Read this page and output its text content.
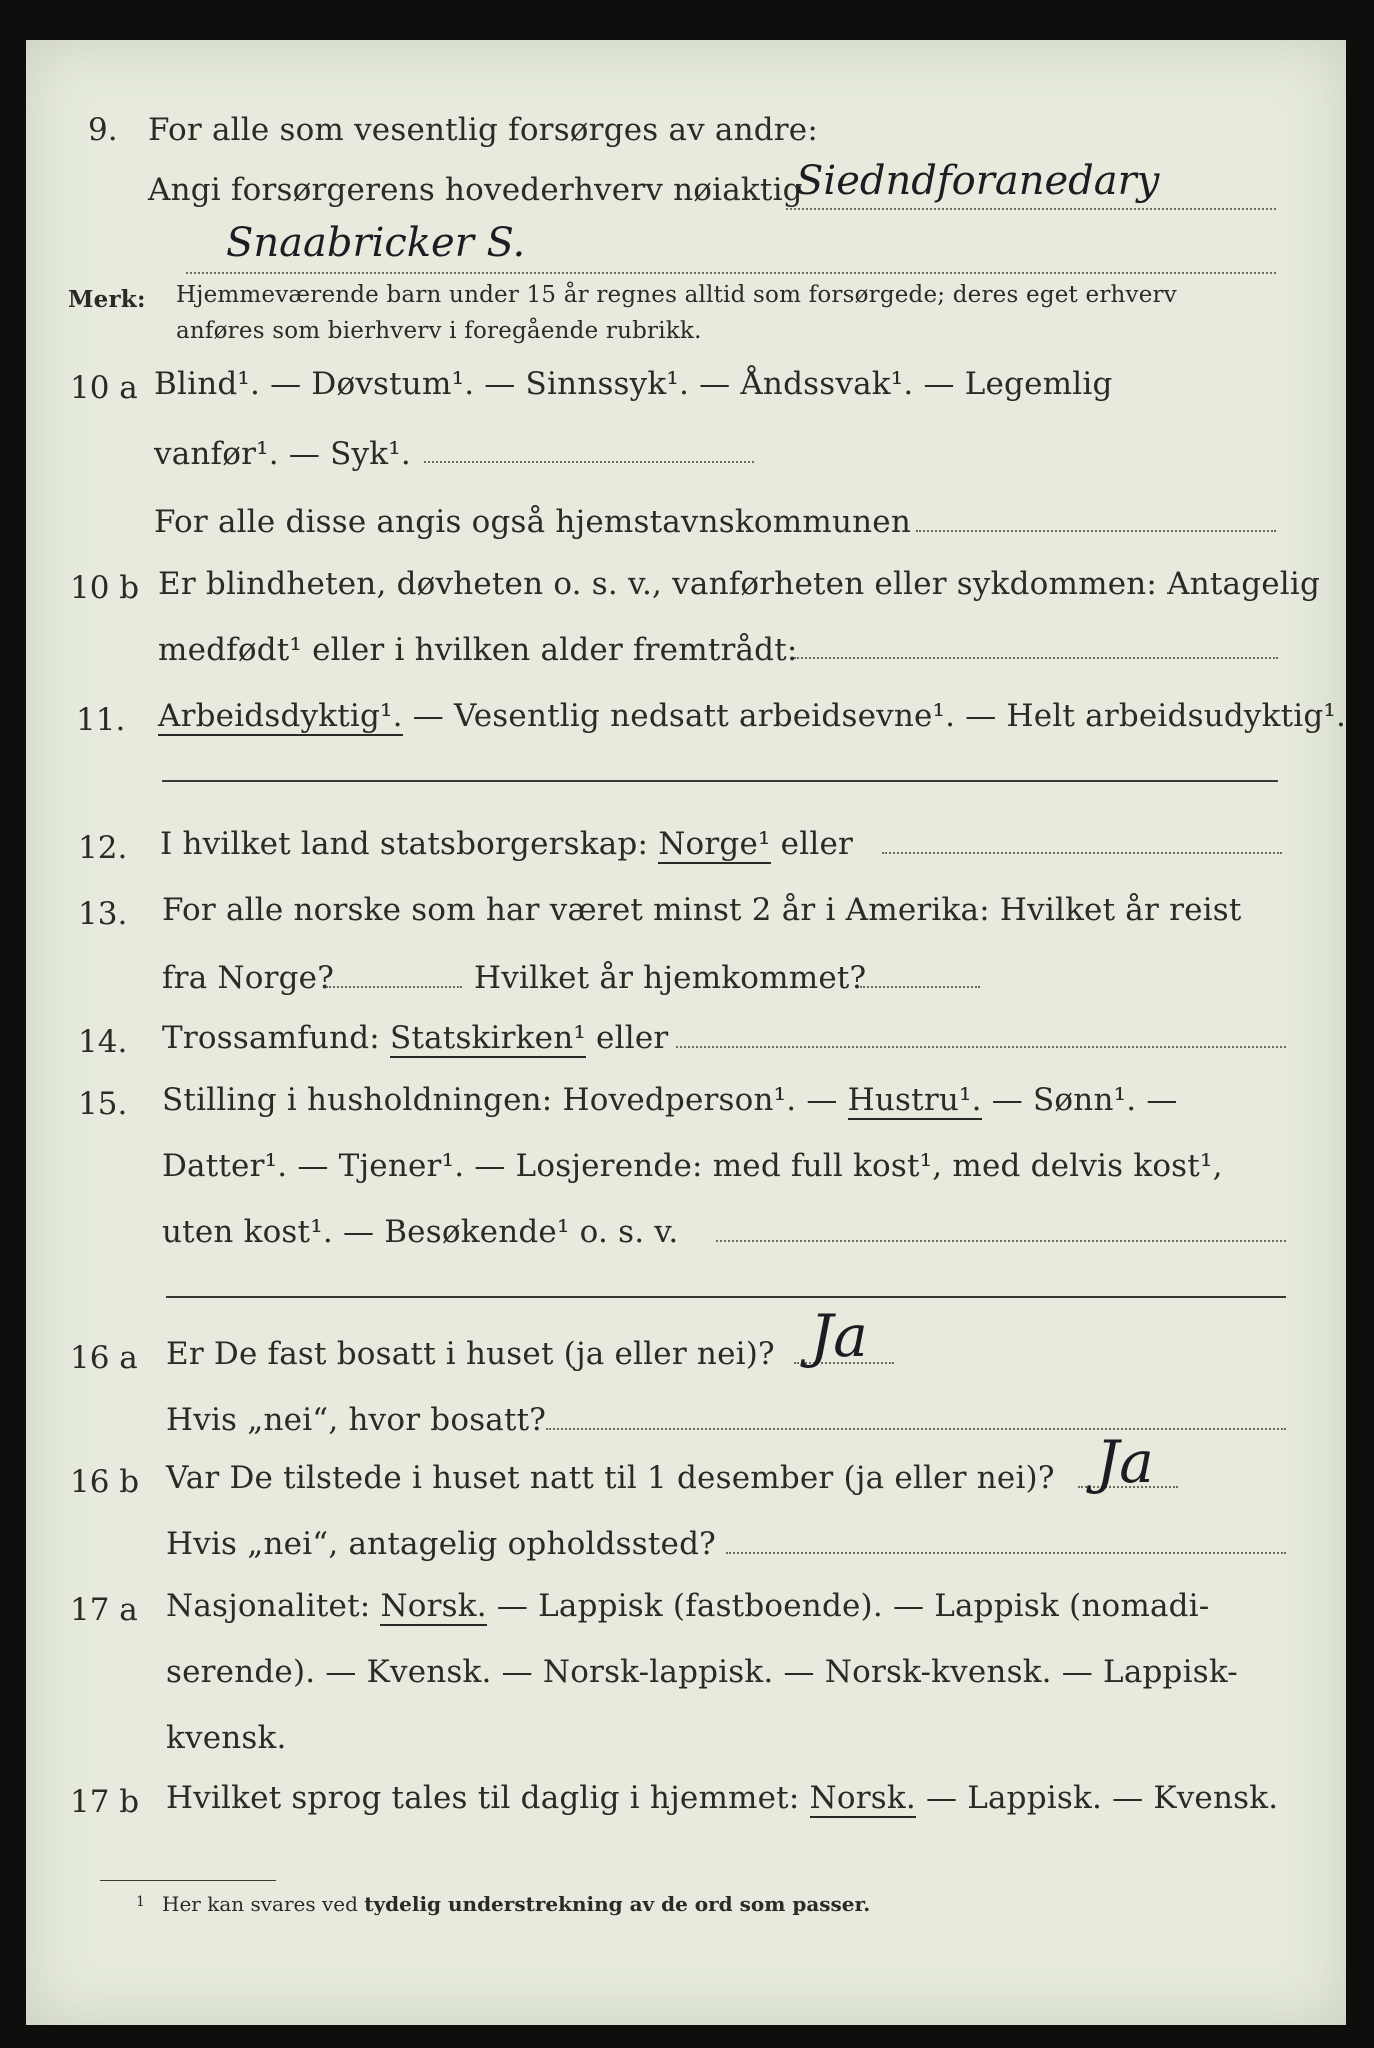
9. For alle som vesentlig forsørges av andre:
Angi forsørgerens hovederhverv nøiaktig
Siedndforanedary
Snaabricker S.
Merk: Hjemmeværende barn under 15 år regnes alltid som forsørgede; deres eget erhverv
anføres som bierhverv i foregående rubrikk.
10 a Blind¹. — Døvstum¹. — Sinnssyk¹. — Åndssvak¹. — Legemlig
vanfør¹. — Syk¹.
For alle disse angis også hjemstavnskommunen
10 b Er blindheten, døvheten o. s. v., vanførheten eller sykdommen: Antagelig
medfødt¹ eller i hvilken alder fremtrådt:
11. Arbeidsdyktig¹. — Vesentlig nedsatt arbeidsevne¹. — Helt arbeidsudyktig¹.
12. I hvilket land statsborgerskap: Norge¹ eller
13. For alle norske som har været minst 2 år i Amerika: Hvilket år reist
fra Norge?	Hvilket år hjemkommet?
14. Trossamfund: Statskirken¹ eller
15. Stilling i husholdningen: Hovedperson¹. — Hustru¹. — Sønn¹. —
Datter¹. — Tjener¹. — Losjerende: med full kost¹, med delvis kost¹,
uten kost¹. — Besøkende¹ o. s. v.
16 a Er De fast bosatt i huset (ja eller nei)? Ja
Hvis „nei“, hvor bosatt?
16 b Var De tilstede i huset natt til 1 desember (ja eller nei)? Ja
Hvis „nei“, antagelig opholdssted?
17 a Nasjonalitet: Norsk. — Lappisk (fastboende). — Lappisk (nomadi-
serende). — Kvensk. — Norsk-lappisk. — Norsk-kvensk. — Lappisk-
kvensk.
17 b Hvilket sprog tales til daglig i hjemmet: Norsk. — Lappisk. — Kvensk.
1 Her kan svares ved tydelig understrekning av de ord som passer.
